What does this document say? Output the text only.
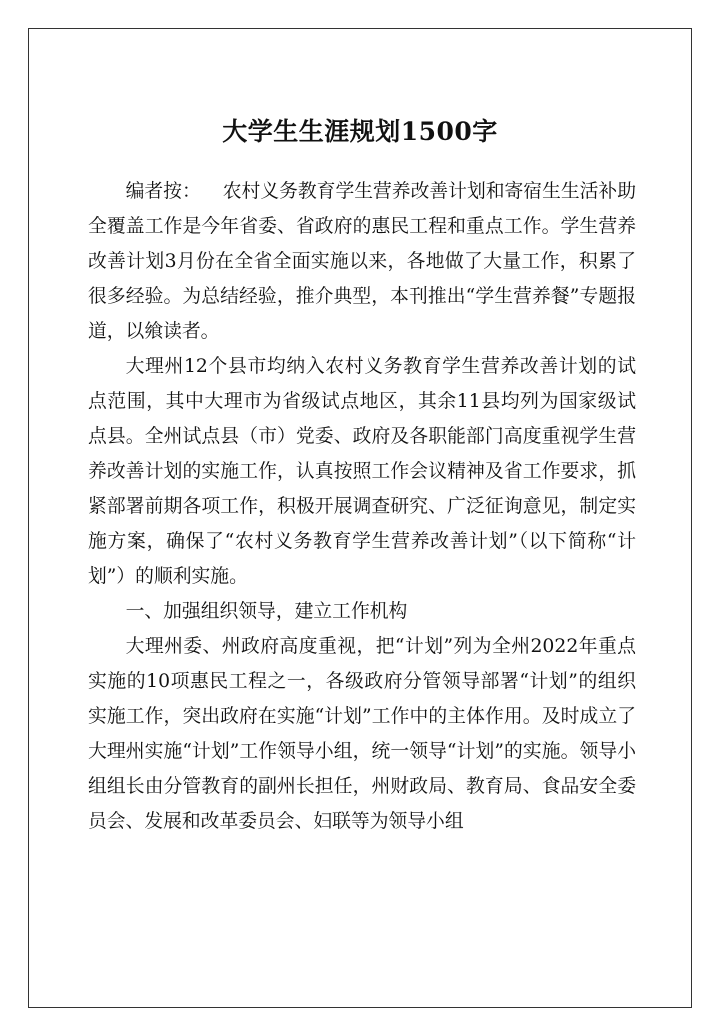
大学生生涯规划1500字

编者按： 农村义务教育学生营养改善计划和寄宿生生活补助全覆盖工作是今年省委、省政府的惠民工程和重点工作。学生营养改善计划3月份在全省全面实施以来，各地做了大量工作，积累了很多经验。为总结经验，推介典型，本刊推出“学生营养餐”专题报道，以飨读者。

大理州12个县市均纳入农村义务教育学生营养改善计划的试点范围，其中大理市为省级试点地区，其余11县均列为国家级试点县。全州试点县（市）党委、政府及各职能部门高度重视学生营养改善计划的实施工作，认真按照工作会议精神及省工作要求，抓紧部署前期各项工作，积极开展调查研究、广泛征询意见，制定实施方案，确保了“农村义务教育学生营养改善计划”（以下简称“计划”）的顺利实施。

一、加强组织领导，建立工作机构

大理州委、州政府高度重视，把“计划”列为全州2022年重点实施的10项惠民工程之一，各级政府分管领导部署“计划”的组织实施工作，突出政府在实施“计划”工作中的主体作用。及时成立了大理州实施“计划”工作领导小组，统一领导“计划”的实施。领导小组组长由分管教育的副州长担任，州财政局、教育局、食品安全委员会、发展和改革委员会、妇联等为领导小组
